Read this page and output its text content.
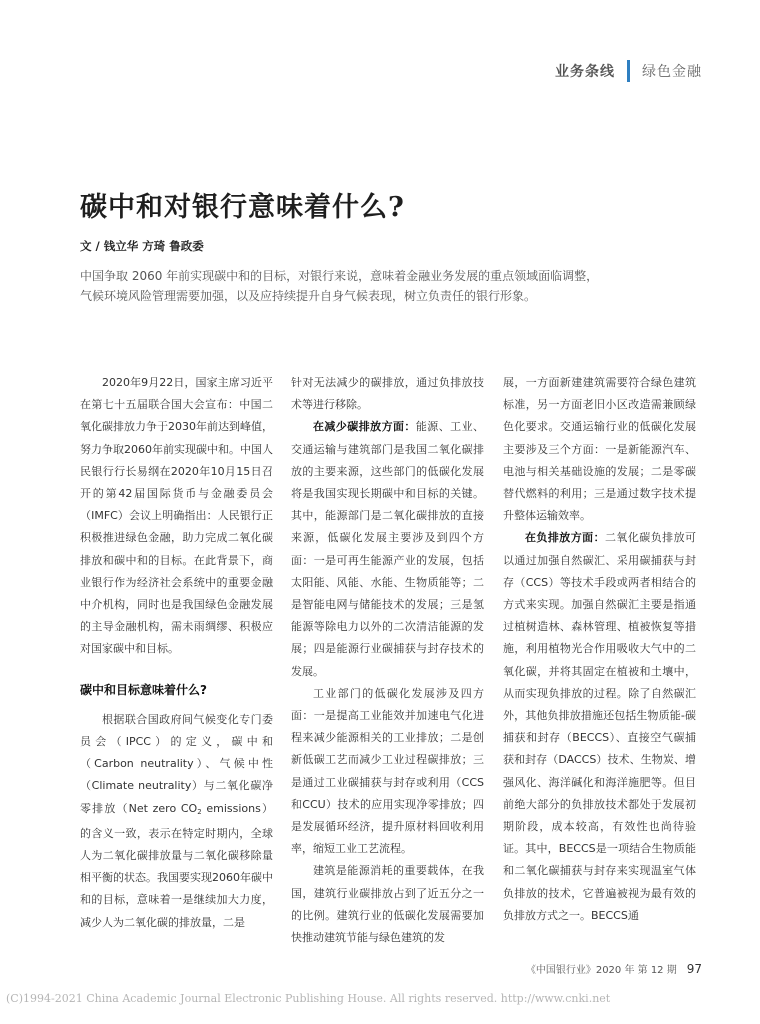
业务条线 绿色金融
碳中和对银行意味着什么?
文 / 钱立华 方琦 鲁政委

中国争取 2060 年前实现碳中和的目标，对银行来说，意味着金融业务发展的重点领域面临调整，

气候环境风险管理需要加强，以及应持续提升自身气候表现，树立负责任的银行形象。

2020年9月22日，国家主席习近平在第七十五届联合国大会宣布：中国二氧化碳排放力争于2030年前达到峰值，努力争取2060年前实现碳中和。中国人民银行行长易纲在2020年10月15日召开的第42届国际货币与金融委员会（IMFC）会议上明确指出：人民银行正积极推进绿色金融，助力完成二氧化碳排放和碳中和的目标。在此背景下，商业银行作为经济社会系统中的重要金融中介机构，同时也是我国绿色金融发展的主导金融机构，需未雨绸缪、积极应对国家碳中和目标。

碳中和目标意味着什么?

根据联合国政府间气候变化专门委员会（IPCC）的定义，碳中和（Carbon neutrality）、气候中性（Climate neutrality）与二氧化碳净零排放（Net zero CO2 emissions）的含义一致，表示在特定时期内，全球人为二氧化碳排放量与二氧化碳移除量相平衡的状态。我国要实现2060年碳中和的目标，意味着一是继续加大力度，减少人为二氧化碳的排放量，二是

针对无法减少的碳排放，通过负排放技术等进行移除。

在减少碳排放方面：能源、工业、交通运输与建筑部门是我国二氧化碳排放的主要来源，这些部门的低碳化发展将是我国实现长期碳中和目标的关键。其中，能源部门是二氧化碳排放的直接来源，低碳化发展主要涉及到四个方面：一是可再生能源产业的发展，包括太阳能、风能、水能、生物质能等；二是智能电网与储能技术的发展；三是氢能源等除电力以外的二次清洁能源的发展；四是能源行业碳捕获与封存技术的发展。

工业部门的低碳化发展涉及四方面：一是提高工业能效并加速电气化进程来减少能源相关的工业排放；二是创新低碳工艺而减少工业过程碳排放；三是通过工业碳捕获与封存或利用（CCS和CCU）技术的应用实现净零排放；四是发展循环经济，提升原材料回收利用率，缩短工业工艺流程。

建筑是能源消耗的重要载体，在我国，建筑行业碳排放占到了近五分之一的比例。建筑行业的低碳化发展需要加快推动建筑节能与绿色建筑的发

展，一方面新建建筑需要符合绿色建筑标准，另一方面老旧小区改造需兼顾绿色化要求。交通运输行业的低碳化发展主要涉及三个方面：一是新能源汽车、电池与相关基础设施的发展；二是零碳替代燃料的利用；三是通过数字技术提升整体运输效率。

在负排放方面：二氧化碳负排放可以通过加强自然碳汇、采用碳捕获与封存（CCS）等技术手段或两者相结合的方式来实现。加强自然碳汇主要是指通过植树造林、森林管理、植被恢复等措施，利用植物光合作用吸收大气中的二氧化碳，并将其固定在植被和土壤中，从而实现负排放的过程。除了自然碳汇外，其他负排放措施还包括生物质能-碳捕获和封存（BECCS）、直接空气碳捕获和封存（DACCS）技术、生物炭、增强风化、海洋碱化和海洋施肥等。但目前绝大部分的负排放技术都处于发展初期阶段，成本较高，有效性也尚待验证。其中，BECCS是一项结合生物质能和二氧化碳捕获与封存来实现温室气体负排放的技术，它普遍被视为最有效的负排放方式之一。BECCS通

《中国银行业》2020 年 第 12 期 97
(C)1994-2021 China Academic Journal Electronic Publishing House. All rights reserved. http://www.cnki.net
